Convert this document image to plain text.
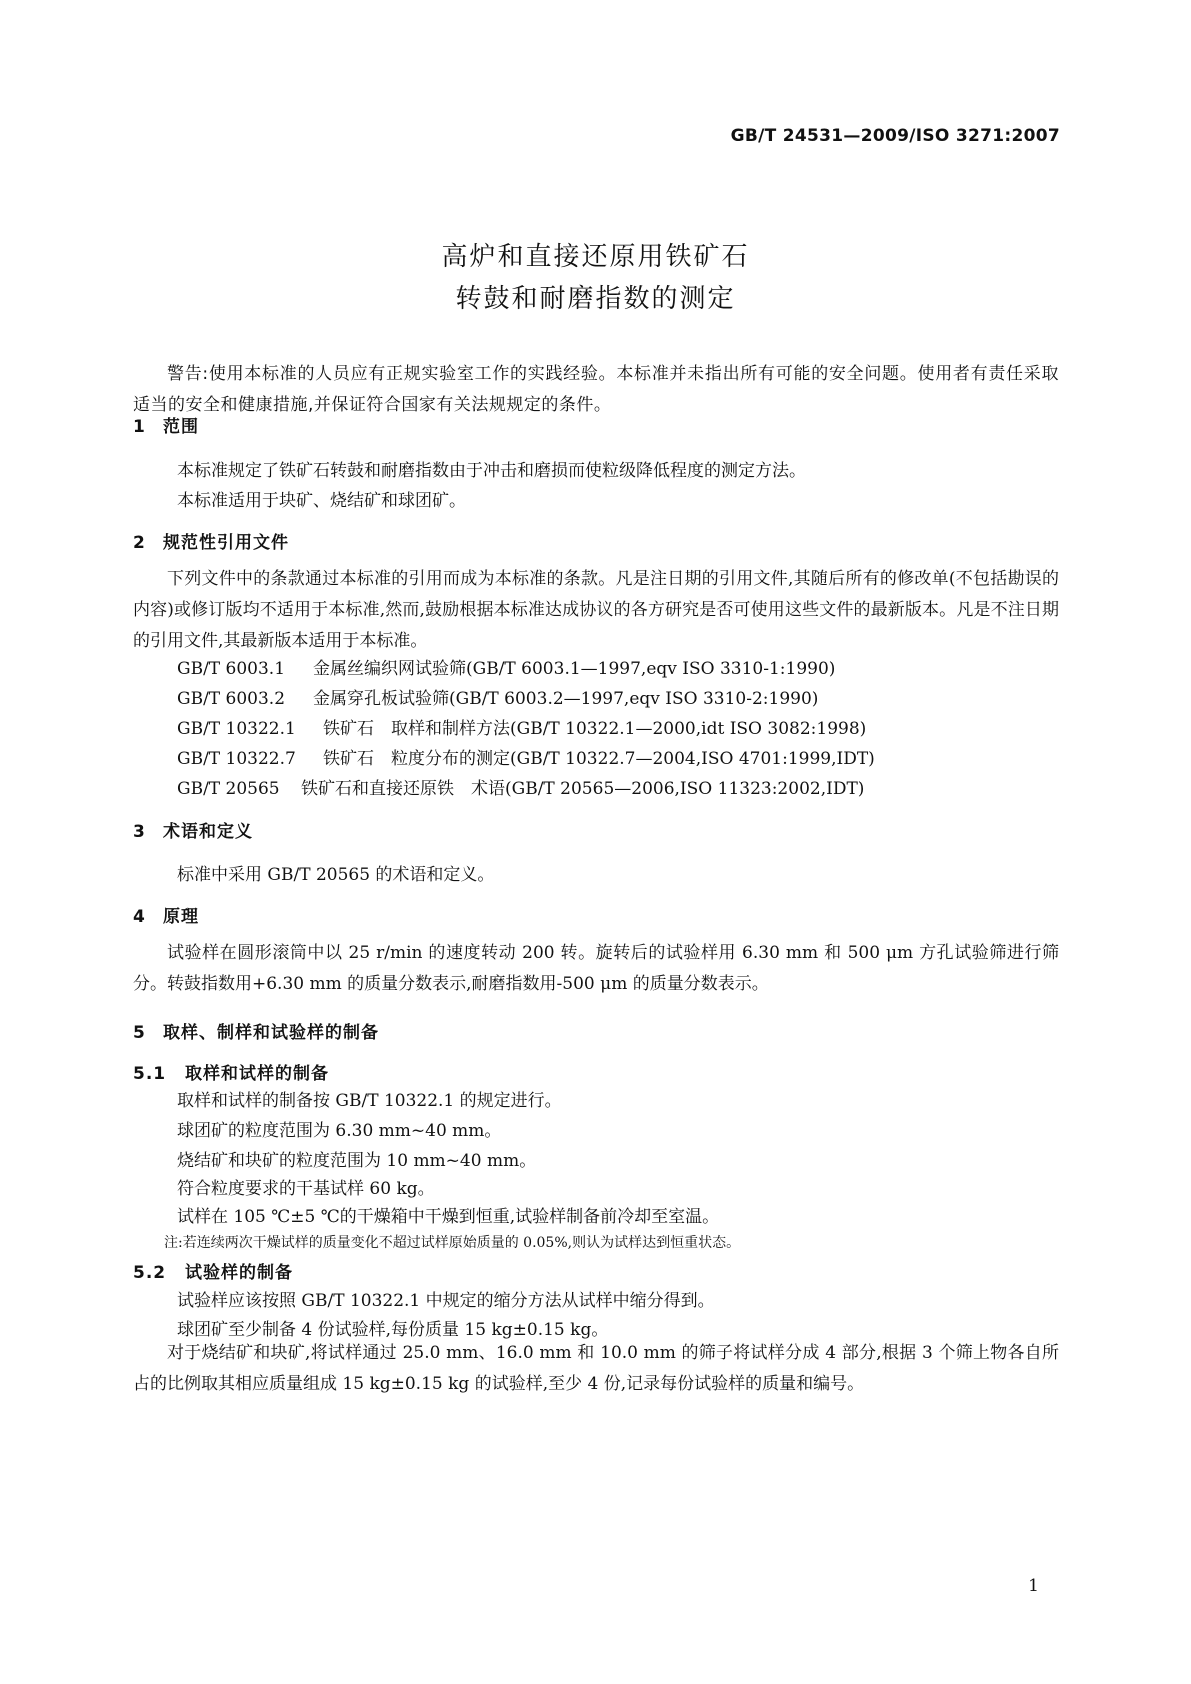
GB/T 24531—2009/ISO 3271:2007
高炉和直接还原用铁矿石
转鼓和耐磨指数的测定
警告:使用本标准的人员应有正规实验室工作的实践经验。本标准并未指出所有可能的安全问题。使用者有责任采取适当的安全和健康措施,并保证符合国家有关法规规定的条件。
1 范围
本标准规定了铁矿石转鼓和耐磨指数由于冲击和磨损而使粒级降低程度的测定方法。
本标准适用于块矿、烧结矿和球团矿。
2 规范性引用文件
下列文件中的条款通过本标准的引用而成为本标准的条款。凡是注日期的引用文件,其随后所有的修改单(不包括勘误的内容)或修订版均不适用于本标准,然而,鼓励根据本标准达成协议的各方研究是否可使用这些文件的最新版本。凡是不注日期的引用文件,其最新版本适用于本标准。
GB/T 6003.1 金属丝编织网试验筛(GB/T 6003.1—1997,eqv ISO 3310-1:1990)
GB/T 6003.2 金属穿孔板试验筛(GB/T 6003.2—1997,eqv ISO 3310-2:1990)
GB/T 10322.1 铁矿石　取样和制样方法(GB/T 10322.1—2000,idt ISO 3082:1998)
GB/T 10322.7 铁矿石　粒度分布的测定(GB/T 10322.7—2004,ISO 4701:1999,IDT)
GB/T 20565 铁矿石和直接还原铁　术语(GB/T 20565—2006,ISO 11323:2002,IDT)
3 术语和定义
标准中采用 GB/T 20565 的术语和定义。
4 原理
试验样在圆形滚筒中以 25 r/min 的速度转动 200 转。旋转后的试验样用 6.30 mm 和 500 μm 方孔试验筛进行筛分。转鼓指数用+6.30 mm 的质量分数表示,耐磨指数用-500 μm 的质量分数表示。
5 取样、制样和试验样的制备
5.1 取样和试样的制备
取样和试样的制备按 GB/T 10322.1 的规定进行。
球团矿的粒度范围为 6.30 mm~40 mm。
烧结矿和块矿的粒度范围为 10 mm~40 mm。
符合粒度要求的干基试样 60 kg。
试样在 105 ℃±5 ℃的干燥箱中干燥到恒重,试验样制备前冷却至室温。
注:若连续两次干燥试样的质量变化不超过试样原始质量的 0.05%,则认为试样达到恒重状态。
5.2 试验样的制备
试验样应该按照 GB/T 10322.1 中规定的缩分方法从试样中缩分得到。
球团矿至少制备 4 份试验样,每份质量 15 kg±0.15 kg。
对于烧结矿和块矿,将试样通过 25.0 mm、16.0 mm 和 10.0 mm 的筛子将试样分成 4 部分,根据 3 个筛上物各自所占的比例取其相应质量组成 15 kg±0.15 kg 的试验样,至少 4 份,记录每份试验样的质量和编号。
1
